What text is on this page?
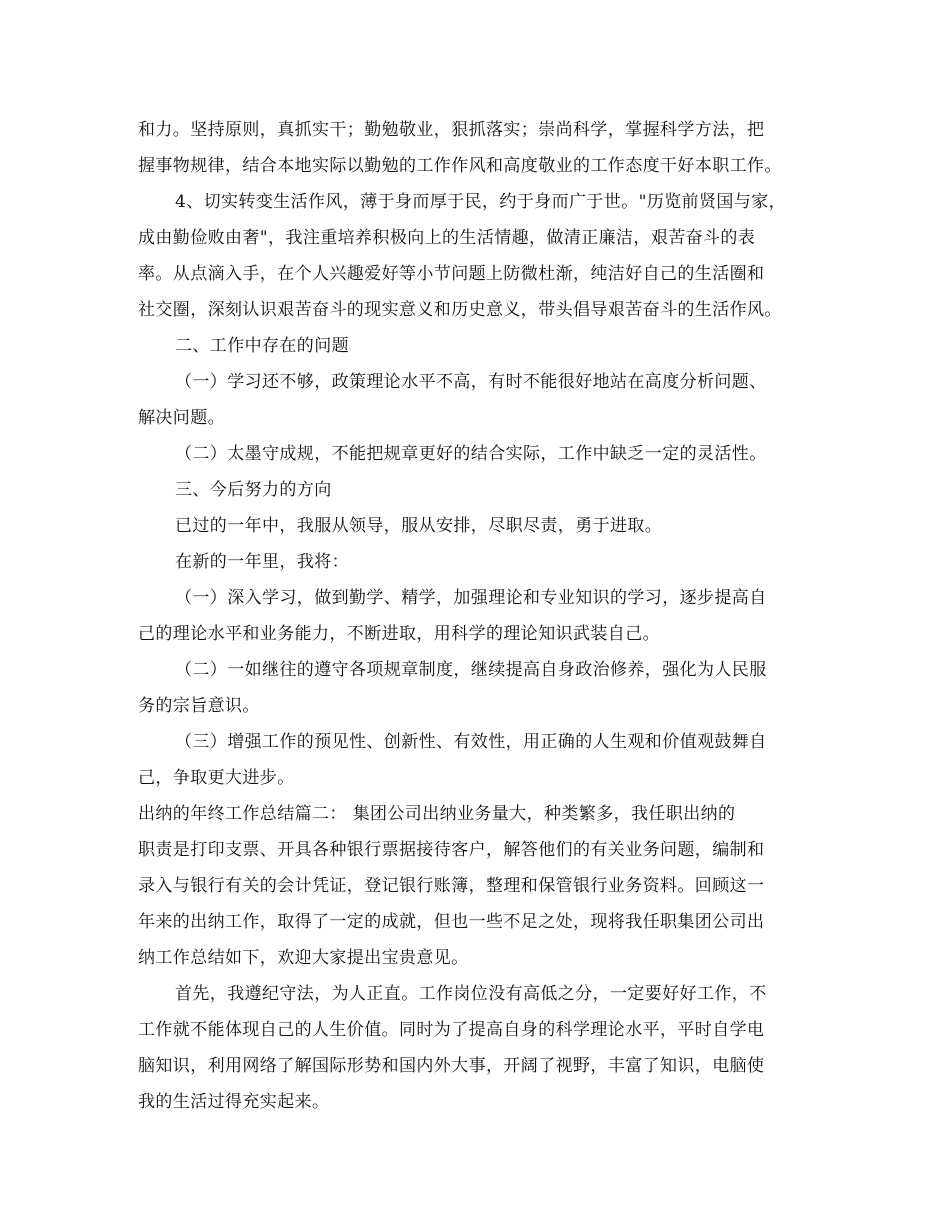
和力。坚持原则，真抓实干；勤勉敬业，狠抓落实；崇尚科学，掌握科学方法，把
握事物规律，结合本地实际以勤勉的工作作风和高度敬业的工作态度干好本职工作。
4、切实转变生活作风，薄于身而厚于民，约于身而广于世。"历览前贤国与家，
成由勤俭败由奢"，我注重培养积极向上的生活情趣，做清正廉洁，艰苦奋斗的表
率。从点滴入手，在个人兴趣爱好等小节问题上防微杜渐，纯洁好自己的生活圈和
社交圈，深刻认识艰苦奋斗的现实意义和历史意义，带头倡导艰苦奋斗的生活作风。
二、工作中存在的问题
（一）学习还不够，政策理论水平不高，有时不能很好地站在高度分析问题、
解决问题。
（二）太墨守成规，不能把规章更好的结合实际，工作中缺乏一定的灵活性。
三、今后努力的方向
已过的一年中，我服从领导，服从安排，尽职尽责，勇于进取。
在新的一年里，我将：
（一）深入学习，做到勤学、精学，加强理论和专业知识的学习，逐步提高自
己的理论水平和业务能力，不断进取，用科学的理论知识武装自己。
（二）一如继往的遵守各项规章制度，继续提高自身政治修养，强化为人民服
务的宗旨意识。
（三）增强工作的预见性、创新性、有效性，用正确的人生观和价值观鼓舞自
己，争取更大进步。
出纳的年终工作总结篇二： 集团公司出纳业务量大，种类繁多，我任职出纳的
职责是打印支票、开具各种银行票据接待客户，解答他们的有关业务问题，编制和
录入与银行有关的会计凭证，登记银行账簿，整理和保管银行业务资料。回顾这一
年来的出纳工作，取得了一定的成就，但也一些不足之处，现将我任职集团公司出
纳工作总结如下，欢迎大家提出宝贵意见。
首先，我遵纪守法，为人正直。工作岗位没有高低之分，一定要好好工作，不
工作就不能体现自己的人生价值。同时为了提高自身的科学理论水平，平时自学电
脑知识，利用网络了解国际形势和国内外大事，开阔了视野，丰富了知识，电脑使
我的生活过得充实起来。
